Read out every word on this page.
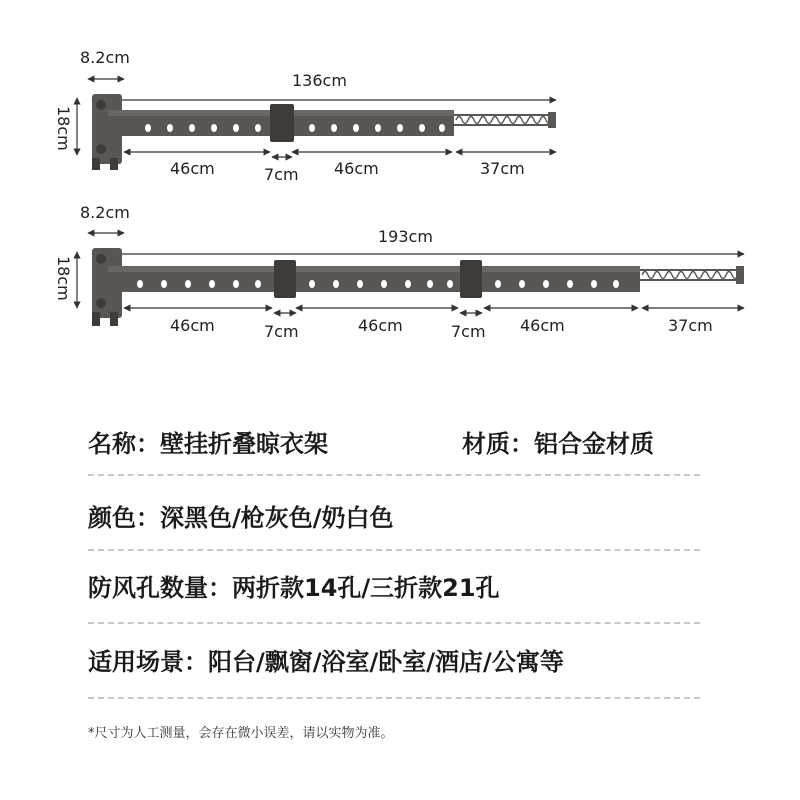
8.2cm
136cm
18cm
46cm	7cm 46cm	37cm
8.2cm
193cm
18cm
46cm	7cm	46cm	7cm 46cm	37cm
名称：壁挂折叠晾衣架	材质：铝合金材质
颜色：深黑色/枪灰色/奶白色
防风孔数量：两折款14孔/三折款21孔
适用场景：阳台/飘窗/浴室/卧室/酒店/公寓等
*尺寸为人工测量，会存在微小误差，请以实物为准。
